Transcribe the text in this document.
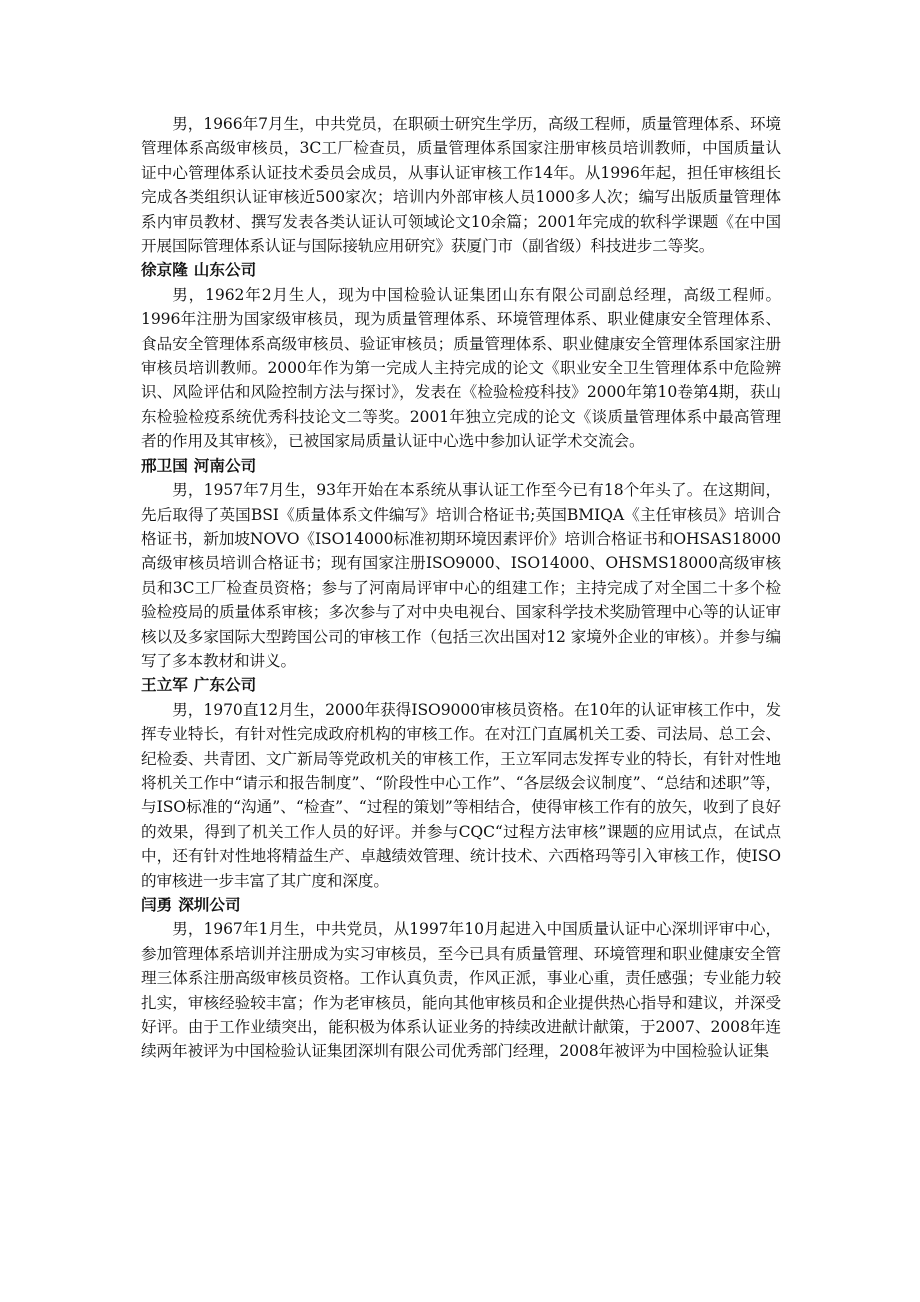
男，1966年7月生，中共党员，在职硕士研究生学历，高级工程师，质量管理体系、环境管理体系高级审核员，3C工厂检查员，质量管理体系国家注册审核员培训教师，中国质量认证中心管理体系认证技术委员会成员，从事认证审核工作14年。从1996年起，担任审核组长完成各类组织认证审核近500家次；培训内外部审核人员1000多人次；编写出版质量管理体系内审员教材、撰写发表各类认证认可领域论文10余篇；2001年完成的软科学课题《在中国开展国际管理体系认证与国际接轨应用研究》获厦门市（副省级）科技进步二等奖。

徐京隆 山东公司

男，1962年2月生人，现为中国检验认证集团山东有限公司副总经理，高级工程师。1996年注册为国家级审核员，现为质量管理体系、环境管理体系、职业健康安全管理体系、食品安全管理体系高级审核员、验证审核员；质量管理体系、职业健康安全管理体系国家注册审核员培训教师。2000年作为第一完成人主持完成的论文《职业安全卫生管理体系中危险辨识、风险评估和风险控制方法与探讨》，发表在《检验检疫科技》2000年第10卷第4期，获山东检验检疫系统优秀科技论文二等奖。2001年独立完成的论文《谈质量管理体系中最高管理者的作用及其审核》，已被国家局质量认证中心选中参加认证学术交流会。

邢卫国 河南公司

男，1957年7月生，93年开始在本系统从事认证工作至今已有18个年头了。在这期间，先后取得了英国BSI《质量体系文件编写》培训合格证书;英国BMIQA《主任审核员》培训合格证书，新加坡NOVO《ISO14000标准初期环境因素评价》培训合格证书和OHSAS18000高级审核员培训合格证书；现有国家注册ISO9000、ISO14000、OHSMS18000高级审核员和3C工厂检查员资格；参与了河南局评审中心的组建工作；主持完成了对全国二十多个检验检疫局的质量体系审核；多次参与了对中央电视台、国家科学技术奖励管理中心等的认证审核以及多家国际大型跨国公司的审核工作（包括三次出国对12 家境外企业的审核）。并参与编写了多本教材和讲义。

王立军 广东公司

男，1970直12月生，2000年获得ISO9000审核员资格。在10年的认证审核工作中，发挥专业特长，有针对性完成政府机构的审核工作。在对江门直属机关工委、司法局、总工会、纪检委、共青团、文广新局等党政机关的审核工作，王立军同志发挥专业的特长，有针对性地将机关工作中“请示和报告制度”、“阶段性中心工作”、“各层级会议制度”、“总结和述职”等，与ISO标准的“沟通”、“检查”、“过程的策划”等相结合，使得审核工作有的放矢，收到了良好的效果，得到了机关工作人员的好评。并参与CQC“过程方法审核”课题的应用试点，在试点中，还有针对性地将精益生产、卓越绩效管理、统计技术、六西格玛等引入审核工作，使ISO的审核进一步丰富了其广度和深度。

闫勇 深圳公司

男，1967年1月生，中共党员，从1997年10月起进入中国质量认证中心深圳评审中心，参加管理体系培训并注册成为实习审核员，至今已具有质量管理、环境管理和职业健康安全管理三体系注册高级审核员资格。工作认真负责，作风正派，事业心重，责任感强；专业能力较扎实，审核经验较丰富；作为老审核员，能向其他审核员和企业提供热心指导和建议，并深受好评。由于工作业绩突出，能积极为体系认证业务的持续改进献计献策，于2007、2008年连续两年被评为中国检验认证集团深圳有限公司优秀部门经理，2008年被评为中国检验认证集
